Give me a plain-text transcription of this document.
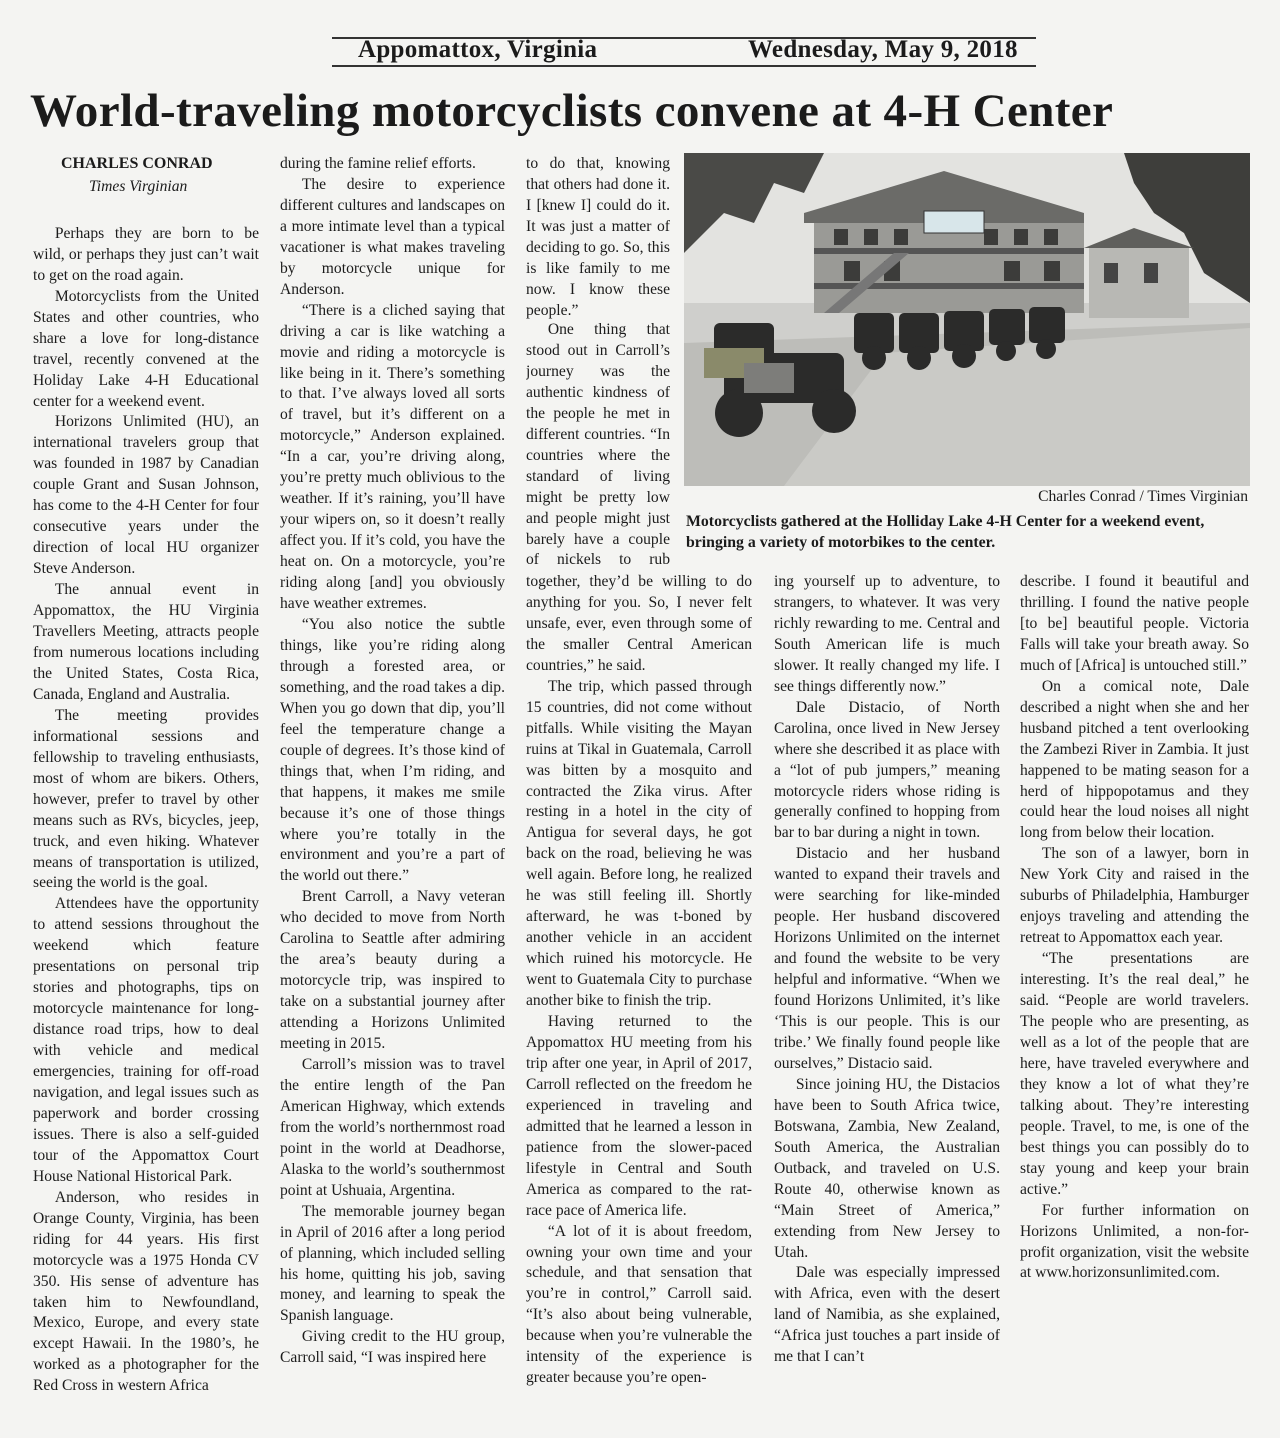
Appomattox, Virginia	Wednesday, May 9, 2018
World-traveling motorcyclists convene at 4-H Center
CHARLES CONRAD
Times Virginian

Perhaps they are born to be wild, or perhaps they just can’t wait to get on the road again.

Motorcyclists from the United States and other countries, who share a love for long-distance travel, recently convened at the Holiday Lake 4-H Educational center for a weekend event.

Horizons Unlimited (HU), an international travelers group that was founded in 1987 by Canadian couple Grant and Susan Johnson, has come to the 4-H Center for four consecutive years under the direction of local HU organizer Steve Anderson.

The annual event in Appomattox, the HU Virginia Travellers Meeting, attracts people from numerous locations including the United States, Costa Rica, Canada, England and Australia.

The meeting provides informational sessions and fellowship to traveling enthusiasts, most of whom are bikers. Others, however, prefer to travel by other means such as RVs, bicycles, jeep, truck, and even hiking. Whatever means of transportation is utilized, seeing the world is the goal.

Attendees have the opportunity to attend sessions throughout the weekend which feature presentations on personal trip stories and photographs, tips on motorcycle maintenance for long-distance road trips, how to deal with vehicle and medical emergencies, training for off-road navigation, and legal issues such as paperwork and border crossing issues. There is also a self-guided tour of the Appomattox Court House National Historical Park.

Anderson, who resides in Orange County, Virginia, has been riding for 44 years. His first motorcycle was a 1975 Honda CV 350. His sense of adventure has taken him to Newfoundland, Mexico, Europe, and every state except Hawaii. In the 1980’s, he worked as a photographer for the Red Cross in western Africa

during the famine relief efforts.

The desire to experience different cultures and landscapes on a more intimate level than a typical vacationer is what makes traveling by motorcycle unique for Anderson.

“There is a cliched saying that driving a car is like watching a movie and riding a motorcycle is like being in it. There’s something to that. I’ve always loved all sorts of travel, but it’s different on a motorcycle,” Anderson explained. “In a car, you’re driving along, you’re pretty much oblivious to the weather. If it’s raining, you’ll have your wipers on, so it doesn’t really affect you. If it’s cold, you have the heat on. On a motorcycle, you’re riding along [and] you obviously have weather extremes.

“You also notice the subtle things, like you’re riding along through a forested area, or something, and the road takes a dip. When you go down that dip, you’ll feel the temperature change a couple of degrees. It’s those kind of things that, when I’m riding, and that happens, it makes me smile because it’s one of those things where you’re totally in the environment and you’re a part of the world out there.”

Brent Carroll, a Navy veteran who decided to move from North Carolina to Seattle after admiring the area’s beauty during a motorcycle trip, was inspired to take on a substantial journey after attending a Horizons Unlimited meeting in 2015.

Carroll’s mission was to travel the entire length of the Pan American Highway, which extends from the world’s northernmost road point in the world at Deadhorse, Alaska to the world’s southernmost point at Ushuaia, Argentina.

The memorable journey began in April of 2016 after a long period of planning, which included selling his home, quitting his job, saving money, and learning to speak the Spanish language.

Giving credit to the HU group, Carroll said, “I was inspired here

to do that, knowing that others had done it. I [knew I] could do it. It was just a matter of deciding to go. So, this is like family to me now. I know these people.”

One thing that stood out in Carroll’s journey was the authentic kindness of the people he met in different countries. “In countries where the standard of living might be pretty low and people might just barely have a couple of nickels to rub

together, they’d be willing to do anything for you. So, I never felt unsafe, ever, even through some of the smaller Central American countries,” he said.

The trip, which passed through 15 countries, did not come without pitfalls. While visiting the Mayan ruins at Tikal in Guatemala, Carroll was bitten by a mosquito and contracted the Zika virus. After resting in a hotel in the city of Antigua for several days, he got back on the road, believing he was well again. Before long, he realized he was still feeling ill. Shortly afterward, he was t-boned by another vehicle in an accident which ruined his motorcycle. He went to Guatemala City to purchase another bike to finish the trip.

Having returned to the Appomattox HU meeting from his trip after one year, in April of 2017, Carroll reflected on the freedom he experienced in traveling and admitted that he learned a lesson in patience from the slower-paced lifestyle in Central and South America as compared to the rat-race pace of America life.

“A lot of it is about freedom, owning your own time and your schedule, and that sensation that you’re in control,” Carroll said. “It’s also about being vulnerable, because when you’re vulnerable the intensity of the experience is greater because you’re open-

Charles Conrad / Times Virginian
Motorcyclists gathered at the Holliday Lake 4-H Center for a weekend event, bringing a variety of motorbikes to the center.

ing yourself up to adventure, to strangers, to whatever. It was very richly rewarding to me. Central and South American life is much slower. It really changed my life. I see things differently now.”

Dale Distacio, of North Carolina, once lived in New Jersey where she described it as place with a “lot of pub jumpers,” meaning motorcycle riders whose riding is generally confined to hopping from bar to bar during a night in town.

Distacio and her husband wanted to expand their travels and were searching for like-minded people. Her husband discovered Horizons Unlimited on the internet and found the website to be very helpful and informative. “When we found Horizons Unlimited, it’s like ‘This is our people. This is our tribe.’ We finally found people like ourselves,” Distacio said.

Since joining HU, the Distacios have been to South Africa twice, Botswana, Zambia, New Zealand, South America, the Australian Outback, and traveled on U.S. Route 40, otherwise known as “Main Street of America,” extending from New Jersey to Utah.

Dale was especially impressed with Africa, even with the desert land of Namibia, as she explained, “Africa just touches a part inside of me that I can’t

describe. I found it beautiful and thrilling. I found the native people [to be] beautiful people. Victoria Falls will take your breath away. So much of [Africa] is untouched still.”

On a comical note, Dale described a night when she and her husband pitched a tent overlooking the Zambezi River in Zambia. It just happened to be mating season for a herd of hippopotamus and they could hear the loud noises all night long from below their location.

The son of a lawyer, born in New York City and raised in the suburbs of Philadelphia, Hamburger enjoys traveling and attending the retreat to Appomattox each year.

“The presentations are interesting. It’s the real deal,” he said. “People are world travelers. The people who are presenting, as well as a lot of the people that are here, have traveled everywhere and they know a lot of what they’re talking about. They’re interesting people. Travel, to me, is one of the best things you can possibly do to stay young and keep your brain active.”

For further information on Horizons Unlimited, a non-for-profit organization, visit the website at www.horizonsunlimited.com.
